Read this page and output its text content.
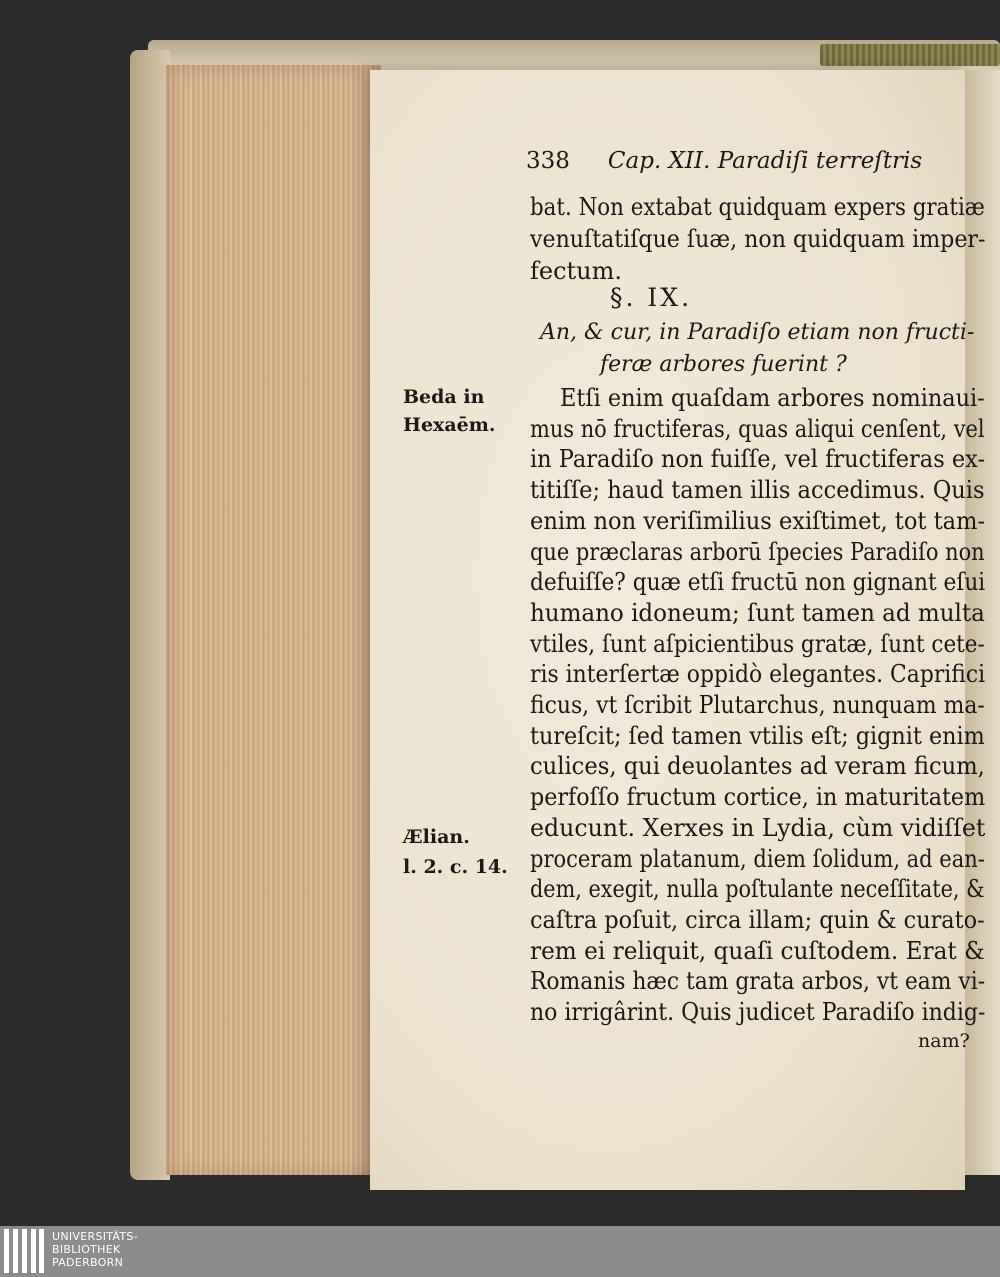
338 Cap. XII. Paradiſi terreſtris
bat. Non extabat quidquam expers gratiæ
venuſtatiſque ſuæ, non quidquam imper-
fectum.
§. IX.
An, & cur, in Paradiſo etiam non fructi-
feræ arbores fuerint ?
Etſi enim quaſdam arbores nominaui-
mus nō fructiferas, quas aliqui cenſent, vel
in Paradiſo non fuiſſe, vel fructiferas ex-
titiſſe; haud tamen illis accedimus. Quis
enim non veriſimilius exiſtimet, tot tam-
que præclaras arborū ſpecies Paradiſo non
defuiſſe? quæ etſi fructū non gignant eſui
humano idoneum; ſunt tamen ad multa
vtiles, ſunt aſpicientibus gratæ, ſunt cete-
ris interſertæ oppidò elegantes. Caprifici
ficus, vt ſcribit Plutarchus, nunquam ma-
tureſcit; ſed tamen vtilis eſt; gignit enim
culices, qui deuolantes ad veram ficum,
perfoſſo fructum cortice, in maturitatem
educunt. Xerxes in Lydia, cùm vidiſſet
proceram platanum, diem ſolidum, ad ean-
dem, exegit, nulla poſtulante neceſſitate, &
caſtra poſuit, circa illam; quin & curato-
rem ei reliquit, quaſi cuſtodem. Erat &
Romanis hæc tam grata arbos, vt eam vi-
no irrigârint. Quis judicet Paradiſo indig-
Beda in
Hexaēm.
Ælian.
l. 2. c. 14.
nam?
UNIVERSITÄTS-
BIBLIOTHEK
PADERBORN
